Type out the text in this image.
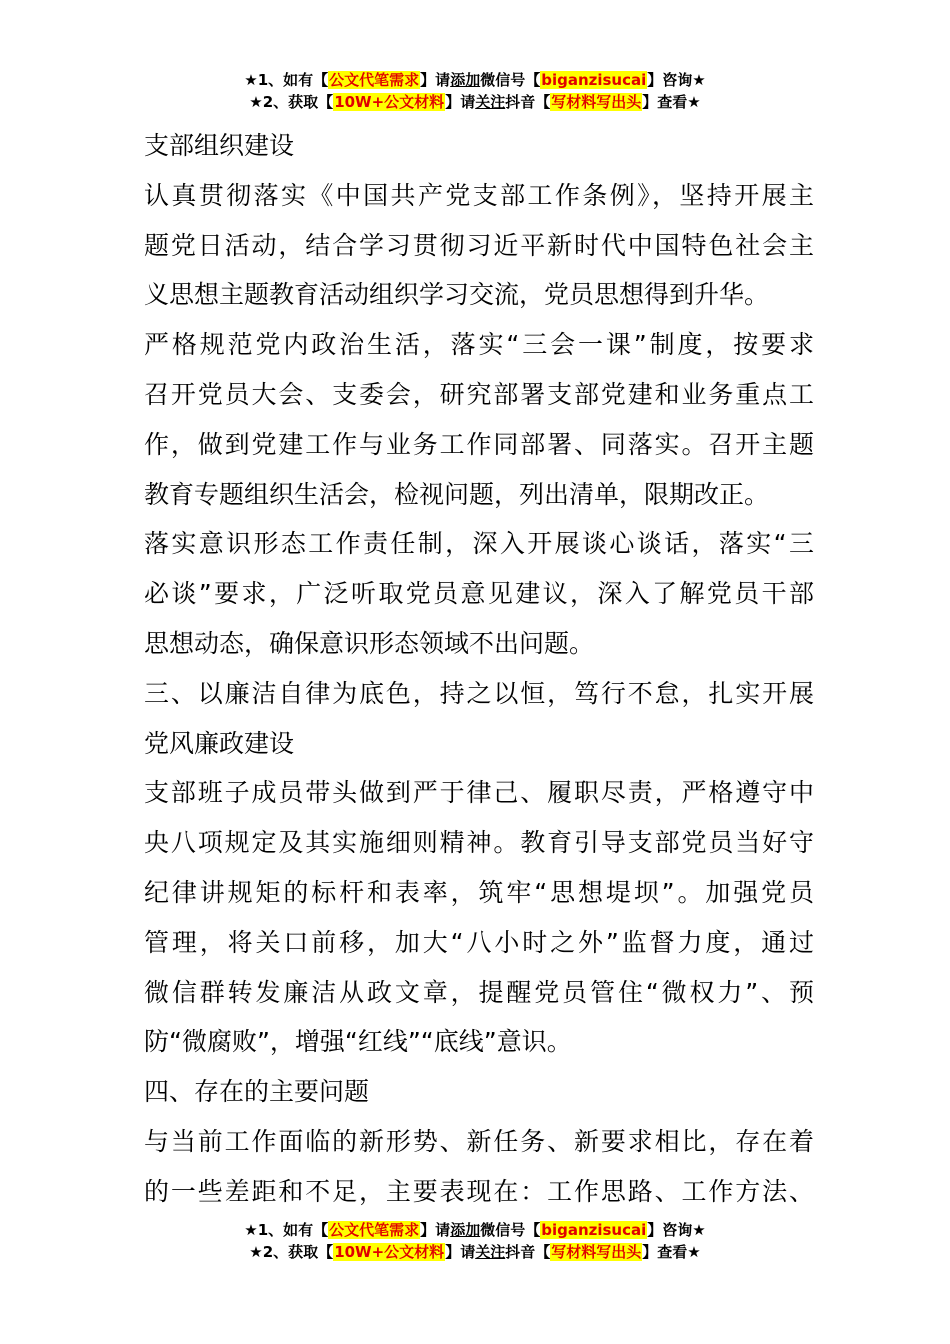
★1、如有【公文代笔需求】请添加微信号【biganzisucai】咨询★
★2、获取【10W+公文材料】请关注抖音【写材料写出头】查看★
支部组织建设
认真贯彻落实《中国共产党支部工作条例》，坚持开展主
题党日活动，结合学习贯彻习近平新时代中国特色社会主
义思想主题教育活动组织学习交流，党员思想得到升华。
严格规范党内政治生活，落实“三会一课”制度，按要求
召开党员大会、支委会，研究部署支部党建和业务重点工
作，做到党建工作与业务工作同部署、同落实。召开主题
教育专题组织生活会，检视问题，列出清单，限期改正。
落实意识形态工作责任制，深入开展谈心谈话，落实“三
必谈”要求，广泛听取党员意见建议，深入了解党员干部
思想动态，确保意识形态领域不出问题。
三、以廉洁自律为底色，持之以恒，笃行不怠，扎实开展
党风廉政建设
支部班子成员带头做到严于律己、履职尽责，严格遵守中
央八项规定及其实施细则精神。教育引导支部党员当好守
纪律讲规矩的标杆和表率，筑牢“思想堤坝”。加强党员
管理，将关口前移，加大“八小时之外”监督力度，通过
微信群转发廉洁从政文章，提醒党员管住“微权力”、预
防“微腐败”，增强“红线”“底线”意识。
四、存在的主要问题
与当前工作面临的新形势、新任务、新要求相比，存在着
的一些差距和不足，主要表现在：工作思路、工作方法、
★1、如有【公文代笔需求】请添加微信号【biganzisucai】咨询★
★2、获取【10W+公文材料】请关注抖音【写材料写出头】查看★
